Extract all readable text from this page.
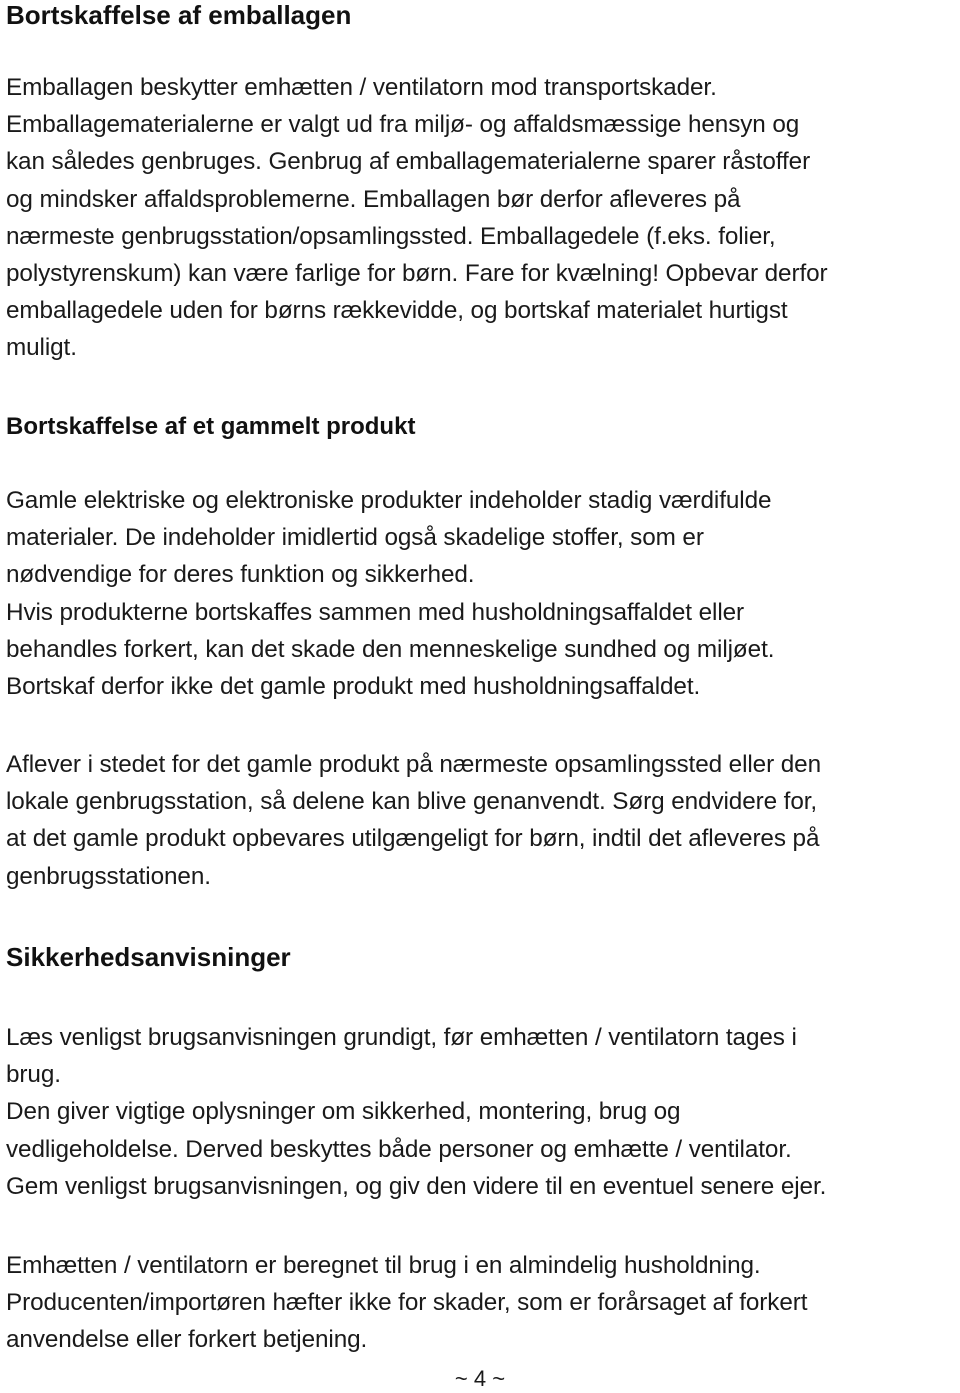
Bortskaffelse af emballagen
Emballagen beskytter emhætten / ventilatorn mod transportskader.
Emballagematerialerne er valgt ud fra miljø- og affaldsmæssige hensyn og
kan således genbruges. Genbrug af emballagematerialerne sparer råstoffer
og mindsker affaldsproblemerne. Emballagen bør derfor afleveres på
nærmeste genbrugsstation/opsamlingssted. Emballagedele (f.eks. folier,
polystyrenskum) kan være farlige for børn. Fare for kvælning! Opbevar derfor
emballagedele uden for børns rækkevidde, og bortskaf materialet hurtigst
muligt.
Bortskaffelse af et gammelt produkt
Gamle elektriske og elektroniske produkter indeholder stadig værdifulde
materialer. De indeholder imidlertid også skadelige stoffer, som er
nødvendige for deres funktion og sikkerhed.
Hvis produkterne bortskaffes sammen med husholdningsaffaldet eller
behandles forkert, kan det skade den menneskelige sundhed og miljøet.
Bortskaf derfor ikke det gamle produkt med husholdningsaffaldet.
Aflever i stedet for det gamle produkt på nærmeste opsamlingssted eller den
lokale genbrugsstation, så delene kan blive genanvendt. Sørg endvidere for,
at det gamle produkt opbevares utilgængeligt for børn, indtil det afleveres på
genbrugsstationen.
Sikkerhedsanvisninger
Læs venligst brugsanvisningen grundigt, før emhætten / ventilatorn tages i
brug.
Den giver vigtige oplysninger om sikkerhed, montering, brug og
vedligeholdelse. Derved beskyttes både personer og emhætte / ventilator.
Gem venligst brugsanvisningen, og giv den videre til en eventuel senere ejer.
Emhætten / ventilatorn er beregnet til brug i en almindelig husholdning.
Producenten/importøren hæfter ikke for skader, som er forårsaget af forkert
anvendelse eller forkert betjening.
~ 4 ~
